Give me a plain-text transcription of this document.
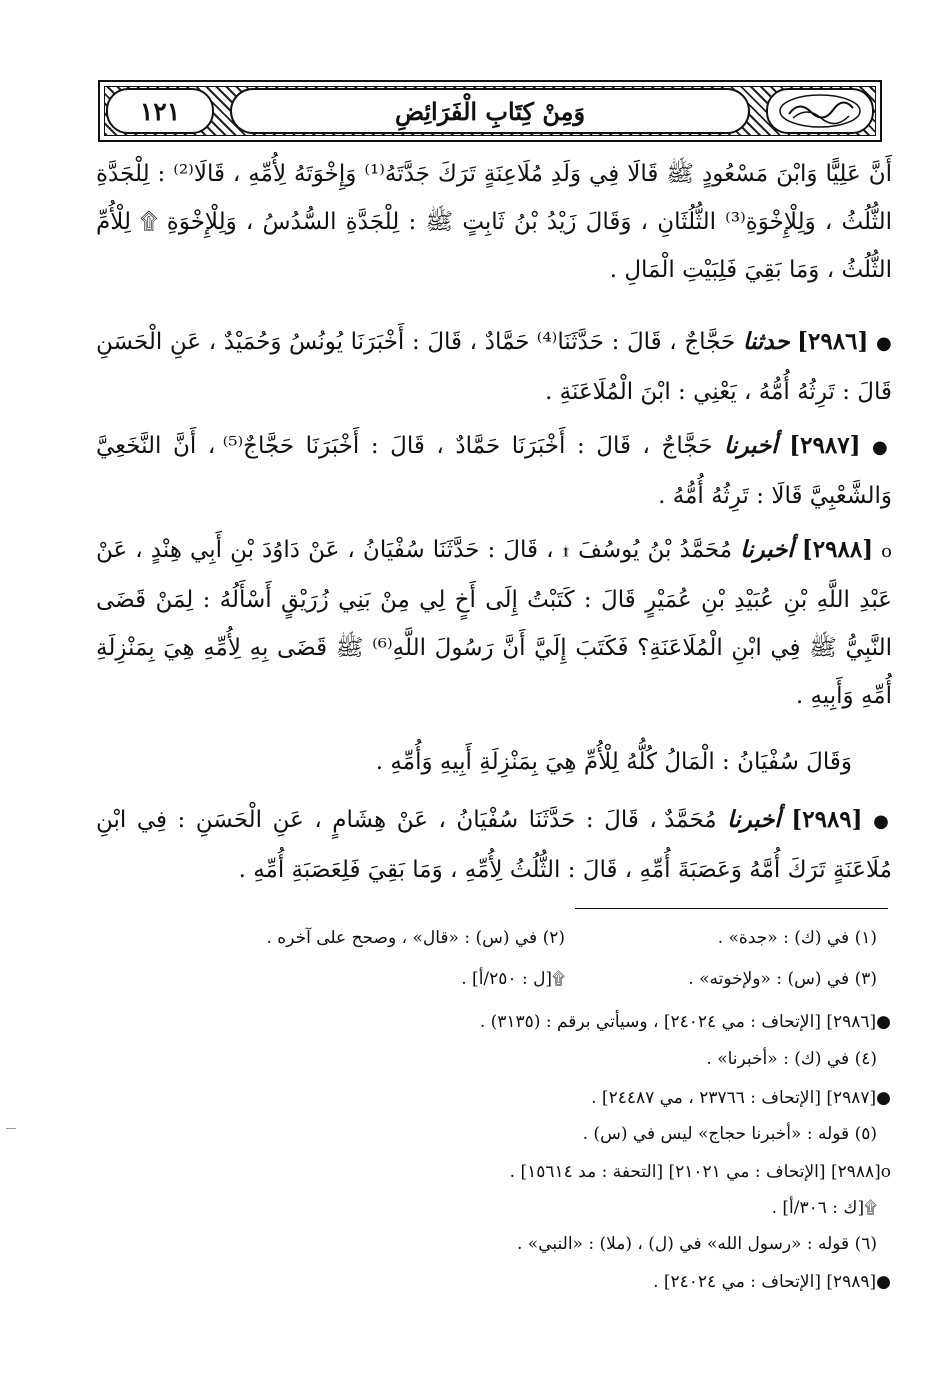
١٢١	وَمِنْ كِتَابِ الْفَرَائِضِ

أَنَّ عَلِيًّا وَابْنَ مَسْعُودٍ ﷺ قَالَا فِي وَلَدِ مُلَاعِنَةٍ تَرَكَ جَدَّتَهُ⁽¹⁾ وَإِخْوَتَهُ لِأُمِّهِ ، قَالَا⁽²⁾ : لِلْجَدَّةِ الثُّلُثُ ، وَلِلْإِخْوَةِ⁽³⁾ الثُّلُثَانِ ، وَقَالَ زَيْدُ بْنُ ثَابِتٍ ﷺ : لِلْجَدَّةِ السُّدُسُ ، وَلِلْإِخْوَةِ ۩ لِلْأُمِّ الثُّلُثُ ، وَمَا بَقِيَ فَلِبَيْتِ الْمَالِ .

● [٢٩٨٦] حدثنا حَجَّاجٌ ، قَالَ : حَدَّثَنَا⁽⁴⁾ حَمَّادٌ ، قَالَ : أَخْبَرَنَا يُونُسُ وَحُمَيْدٌ ، عَنِ الْحَسَنِ قَالَ : تَرِثُهُ أُمُّهُ ، يَعْنِي : ابْنَ الْمُلَاعَنَةِ .

● [٢٩٨٧] أخبرنا حَجَّاجٌ ، قَالَ : أَخْبَرَنَا حَمَّادٌ ، قَالَ : أَخْبَرَنَا حَجَّاجٌ⁽⁵⁾ ، أَنَّ النَّخَعِيَّ وَالشَّعْبِيَّ قَالَا : تَرِثُهُ أُمُّهُ .

o [٢٩٨٨] أخبرنا مُحَمَّدُ بْنُ يُوسُفَ ۩ ، قَالَ : حَدَّثَنَا سُفْيَانُ ، عَنْ دَاوُدَ بْنِ أَبِي هِنْدٍ ، عَنْ عَبْدِ اللَّهِ بْنِ عُبَيْدِ بْنِ عُمَيْرٍ قَالَ : كَتَبْتُ إِلَى أَخٍ لِي مِنْ بَنِي زُرَيْقٍ أَسْأَلُهُ : لِمَنْ قَضَى النَّبِيُّ ﷺ فِي ابْنِ الْمُلَاعَنَةِ؟ فَكَتَبَ إِلَيَّ أَنَّ رَسُولَ اللَّهِ⁽⁶⁾ ﷺ قَضَى بِهِ لِأُمِّهِ هِيَ بِمَنْزِلَةِ أُمِّهِ وَأَبِيهِ .

وَقَالَ سُفْيَانُ : الْمَالُ كُلُّهُ لِلْأُمِّ هِيَ بِمَنْزِلَةِ أَبِيهِ وَأُمِّهِ .

● [٢٩٨٩] أخبرنا مُحَمَّدٌ ، قَالَ : حَدَّثَنَا سُفْيَانُ ، عَنْ هِشَامٍ ، عَنِ الْحَسَنِ : فِي ابْنِ مُلَاعَنَةٍ تَرَكَ أُمَّهُ وَعَصَبَةَ أُمِّهِ ، قَالَ : الثُّلُثُ لِأُمِّهِ ، وَمَا بَقِيَ فَلِعَصَبَةِ أُمِّهِ .

(١) في (ك) : «جدة» .
(٢) في (س) : «قال» ، وصحح على آخره .
(٣) في (س) : «ولإخوته» .
۩[ل : ٢٥٠/أ] .
●[٢٩٨٦] [الإتحاف : مي ٢٤٠٢٤] ، وسيأتي برقم : (٣١٣٥) .
(٤) في (ك) : «أخبرنا» .
●[٢٩٨٧] [الإتحاف : ٢٣٧٦٦ ، مي ٢٤٤٨٧] .
(٥) قوله : «أخبرنا حجاج» ليس في (س) .
o[٢٩٨٨] [الإتحاف : مي ٢١٠٢١] [التحفة : مد ١٥٦١٤] .
۩[ك : ٣٠٦/أ] .
(٦) قوله : «رسول الله» في (ل) ، (ملا) : «النبي» .
●[٢٩٨٩] [الإتحاف : مي ٢٤٠٢٤] .
